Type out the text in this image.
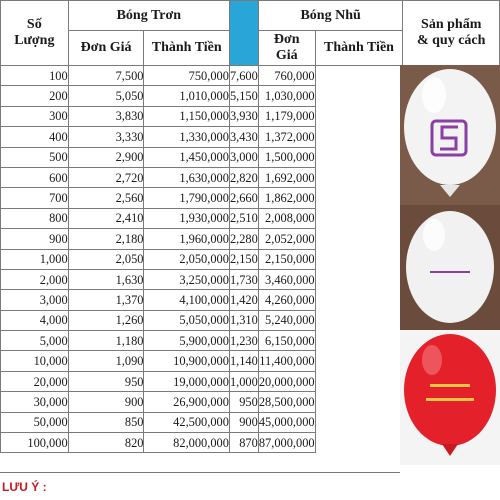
Số
Lượng	Bóng Trơn			Bóng Nhũ		Sản phẩm
& quy cách
	Đơn Giá	Thành Tiền		Đơn
Giá	Thành Tiền	
100	7,500	750,000	7,600	760,000		
200	5,050	1,010,000	5,150	1,030,000		
300	3,830	1,150,000	3,930	1,179,000		
400	3,330	1,330,000	3,430	1,372,000		
500	2,900	1,450,000	3,000	1,500,000		
600	2,720	1,630,000	2,820	1,692,000		
700	2,560	1,790,000	2,660	1,862,000		
800	2,410	1,930,000	2,510	2,008,000		
900	2,180	1,960,000	2,280	2,052,000		
1,000	2,050	2,050,000	2,150	2,150,000		
2,000	1,630	3,250,000	1,730	3,460,000		
3,000	1,370	4,100,000	1,420	4,260,000		
4,000	1,260	5,050,000	1,310	5,240,000		
5,000	1,180	5,900,000	1,230	6,150,000		
10,000	1,090	10,900,000	1,140	11,400,000		
20,000	950	19,000,000	1,000	20,000,000		
30,000	900	26,900,000	950	28,500,000		
50,000	850	42,500,000	900	45,000,000		
100,000	820	82,000,000	870	87,000,000		
LƯU Ý :
